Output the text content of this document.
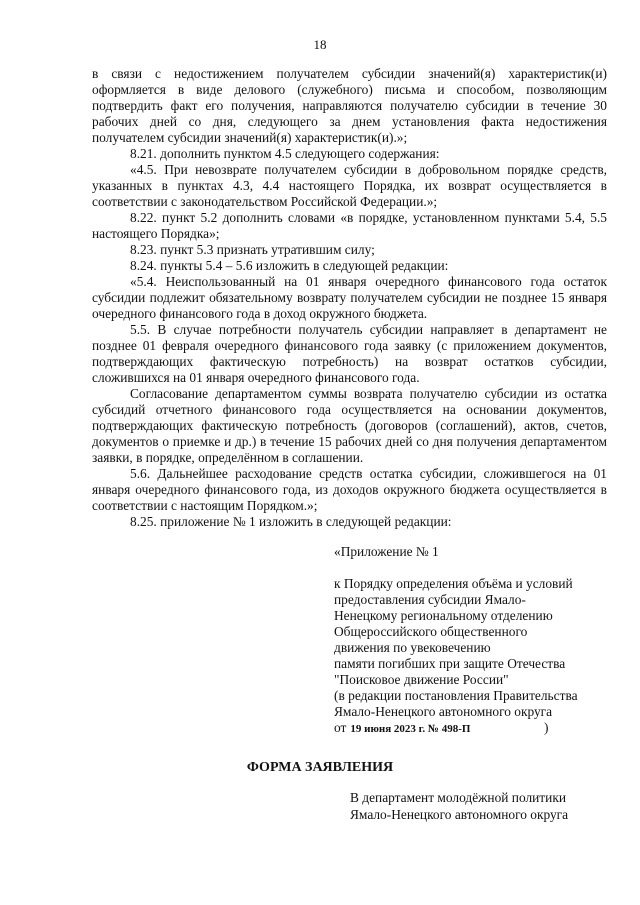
18

в связи с недостижением получателем субсидии значений(я) характеристик(и) оформляется в виде делового (служебного) письма и способом, позволяющим подтвердить факт его получения, направляются получателю субсидии в течение 30 рабочих дней со дня, следующего за днем установления факта недостижения получателем субсидии значений(я) характеристик(и).»;

8.21. дополнить пунктом 4.5 следующего содержания:

«4.5. При невозврате получателем субсидии в добровольном порядке средств, указанных в пунктах 4.3, 4.4 настоящего Порядка, их возврат осуществляется в соответствии с законодательством Российской Федерации.»;

8.22. пункт 5.2 дополнить словами «в порядке, установленном пунктами 5.4, 5.5 настоящего Порядка»;

8.23. пункт 5.3 признать утратившим силу;

8.24. пункты 5.4 – 5.6 изложить в следующей редакции:

«5.4. Неиспользованный на 01 января очередного финансового года остаток субсидии подлежит обязательному возврату получателем субсидии не позднее 15 января очередного финансового года в доход окружного бюджета.

5.5. В случае потребности получатель субсидии направляет в департамент не позднее 01 февраля очередного финансового года заявку (с приложением документов, подтверждающих фактическую потребность) на возврат остатков субсидии, сложившихся на 01 января очередного финансового года.

Согласование департаментом суммы возврата получателю субсидии из остатка субсидий отчетного финансового года осуществляется на основании документов, подтверждающих фактическую потребность (договоров (соглашений), актов, счетов, документов о приемке и др.) в течение 15 рабочих дней со дня получения департаментом заявки, в порядке, определённом в соглашении.

5.6. Дальнейшее расходование средств остатка субсидии, сложившегося на 01 января очередного финансового года, из доходов окружного бюджета осуществляется в соответствии с настоящим Порядком.»;

8.25. приложение № 1 изложить в следующей редакции:

«Приложение № 1
к Порядку определения объёма и условий
предоставления субсидии Ямало-
Ненецкому региональному отделению
Общероссийского общественного
движения по увековечению
памяти погибших при защите Отечества
"Поисковое движение России"
(в редакции постановления Правительства
Ямало-Ненецкого автономного округа
от 19 июня 2023 г. № 498-П	)
ФОРМА ЗАЯВЛЕНИЯ
В департамент молодёжной политики
Ямало-Ненецкого автономного округа
